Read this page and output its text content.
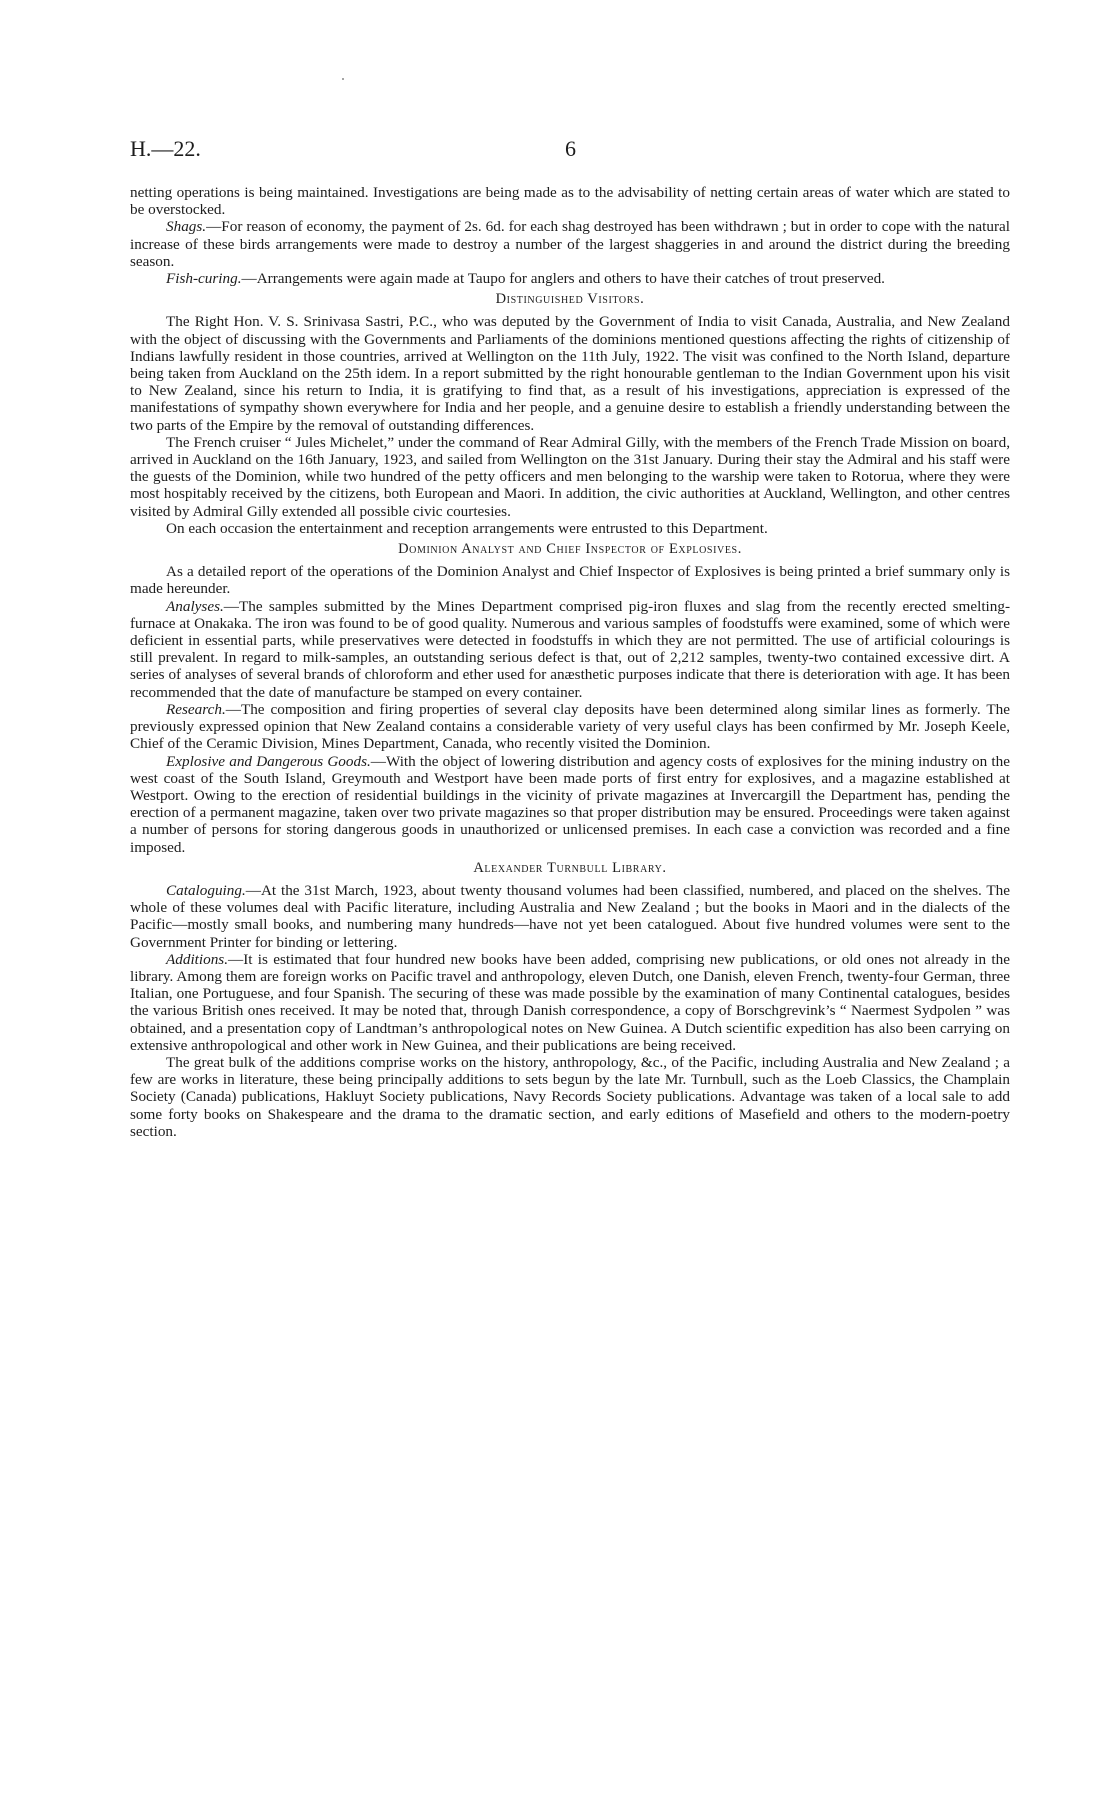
H.—22.	6

netting operations is being maintained. Investigations are being made as to the advisability of netting certain areas of water which are stated to be overstocked.

Shags.—For reason of economy, the payment of 2s. 6d. for each shag destroyed has been withdrawn ; but in order to cope with the natural increase of these birds arrangements were made to destroy a number of the largest shaggeries in and around the district during the breeding season.

Fish-curing.—Arrangements were again made at Taupo for anglers and others to have their catches of trout preserved.

Distinguished Visitors.

The Right Hon. V. S. Srinivasa Sastri, P.C., who was deputed by the Government of India to visit Canada, Australia, and New Zealand with the object of discussing with the Governments and Parliaments of the dominions mentioned questions affecting the rights of citizenship of Indians lawfully resident in those countries, arrived at Wellington on the 11th July, 1922. The visit was confined to the North Island, departure being taken from Auckland on the 25th idem. In a report submitted by the right honourable gentleman to the Indian Government upon his visit to New Zealand, since his return to India, it is gratifying to find that, as a result of his investigations, appreciation is expressed of the manifestations of sympathy shown everywhere for India and her people, and a genuine desire to establish a friendly understanding between the two parts of the Empire by the removal of outstanding differences.

The French cruiser “ Jules Michelet,” under the command of Rear Admiral Gilly, with the members of the French Trade Mission on board, arrived in Auckland on the 16th January, 1923, and sailed from Wellington on the 31st January. During their stay the Admiral and his staff were the guests of the Dominion, while two hundred of the petty officers and men belonging to the warship were taken to Rotorua, where they were most hospitably received by the citizens, both European and Maori. In addition, the civic authorities at Auckland, Wellington, and other centres visited by Admiral Gilly extended all possible civic courtesies.

On each occasion the entertainment and reception arrangements were entrusted to this Department.

Dominion Analyst and Chief Inspector of Explosives.

As a detailed report of the operations of the Dominion Analyst and Chief Inspector of Explosives is being printed a brief summary only is made hereunder.

Analyses.—The samples submitted by the Mines Department comprised pig-iron fluxes and slag from the recently erected smelting-furnace at Onakaka. The iron was found to be of good quality. Numerous and various samples of foodstuffs were examined, some of which were deficient in essential parts, while preservatives were detected in foodstuffs in which they are not permitted. The use of artificial colourings is still prevalent. In regard to milk-samples, an outstanding serious defect is that, out of 2,212 samples, twenty-two contained excessive dirt. A series of analyses of several brands of chloroform and ether used for anæsthetic purposes indicate that there is deterioration with age. It has been recommended that the date of manufacture be stamped on every container.

Research.—The composition and firing properties of several clay deposits have been determined along similar lines as formerly. The previously expressed opinion that New Zealand contains a considerable variety of very useful clays has been confirmed by Mr. Joseph Keele, Chief of the Ceramic Division, Mines Department, Canada, who recently visited the Dominion.

Explosive and Dangerous Goods.—With the object of lowering distribution and agency costs of explosives for the mining industry on the west coast of the South Island, Greymouth and Westport have been made ports of first entry for explosives, and a magazine established at Westport. Owing to the erection of residential buildings in the vicinity of private magazines at Invercargill the Department has, pending the erection of a permanent magazine, taken over two private magazines so that proper distribution may be ensured. Proceedings were taken against a number of persons for storing dangerous goods in unauthorized or unlicensed premises. In each case a conviction was recorded and a fine imposed.

Alexander Turnbull Library.

Cataloguing.—At the 31st March, 1923, about twenty thousand volumes had been classified, numbered, and placed on the shelves. The whole of these volumes deal with Pacific literature, including Australia and New Zealand ; but the books in Maori and in the dialects of the Pacific—mostly small books, and numbering many hundreds—have not yet been catalogued. About five hundred volumes were sent to the Government Printer for binding or lettering.

Additions.—It is estimated that four hundred new books have been added, comprising new publications, or old ones not already in the library. Among them are foreign works on Pacific travel and anthropology, eleven Dutch, one Danish, eleven French, twenty-four German, three Italian, one Portuguese, and four Spanish. The securing of these was made possible by the examination of many Continental catalogues, besides the various British ones received. It may be noted that, through Danish correspondence, a copy of Borschgrevink’s “ Naermest Sydpolen ” was obtained, and a presentation copy of Landtman’s anthropological notes on New Guinea. A Dutch scientific expedition has also been carrying on extensive anthropological and other work in New Guinea, and their publications are being received.

The great bulk of the additions comprise works on the history, anthropology, &c., of the Pacific, including Australia and New Zealand ; a few are works in literature, these being principally additions to sets begun by the late Mr. Turnbull, such as the Loeb Classics, the Champlain Society (Canada) publications, Hakluyt Society publications, Navy Records Society publications. Advantage was taken of a local sale to add some forty books on Shakespeare and the drama to the dramatic section, and early editions of Masefield and others to the modern-poetry section.
